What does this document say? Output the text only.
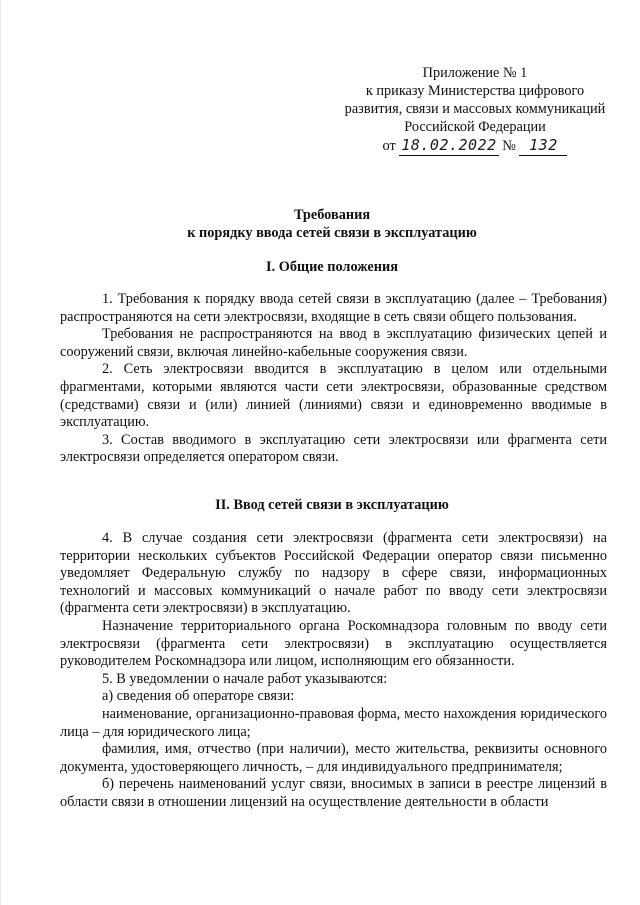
Приложение № 1
к приказу Министерства цифрового
развития, связи и массовых коммуникаций
Российской Федерации
от 18.02.2022 № 132
Требования
к порядку ввода сетей связи в эксплуатацию
I. Общие положения

1. Требования к порядку ввода сетей связи в эксплуатацию (далее – Требования) распространяются на сети электросвязи, входящие в сеть связи общего пользования.

Требования не распространяются на ввод в эксплуатацию физических цепей и сооружений связи, включая линейно-кабельные сооружения связи.

2. Сеть электросвязи вводится в эксплуатацию в целом или отдельными фрагментами, которыми являются части сети электросвязи, образованные средством (средствами) связи и (или) линией (линиями) связи и единовременно вводимые в эксплуатацию.

3. Состав вводимого в эксплуатацию сети электросвязи или фрагмента сети электросвязи определяется оператором связи.

II. Ввод сетей связи в эксплуатацию

4. В случае создания сети электросвязи (фрагмента сети электросвязи) на территории нескольких субъектов Российской Федерации оператор связи письменно уведомляет Федеральную службу по надзору в сфере связи, информационных технологий и массовых коммуникаций о начале работ по вводу сети электросвязи (фрагмента сети электросвязи) в эксплуатацию.

Назначение территориального органа Роскомнадзора головным по вводу сети электросвязи (фрагмента сети электросвязи) в эксплуатацию осуществляется руководителем Роскомнадзора или лицом, исполняющим его обязанности.

5. В уведомлении о начале работ указываются:

а) сведения об операторе связи:

наименование, организационно-правовая форма, место нахождения юридического лица – для юридического лица;

фамилия, имя, отчество (при наличии), место жительства, реквизиты основного документа, удостоверяющего личность, – для индивидуального предпринимателя;

б) перечень наименований услуг связи, вносимых в записи в реестре лицензий в области связи в отношении лицензий на осуществление деятельности в области
